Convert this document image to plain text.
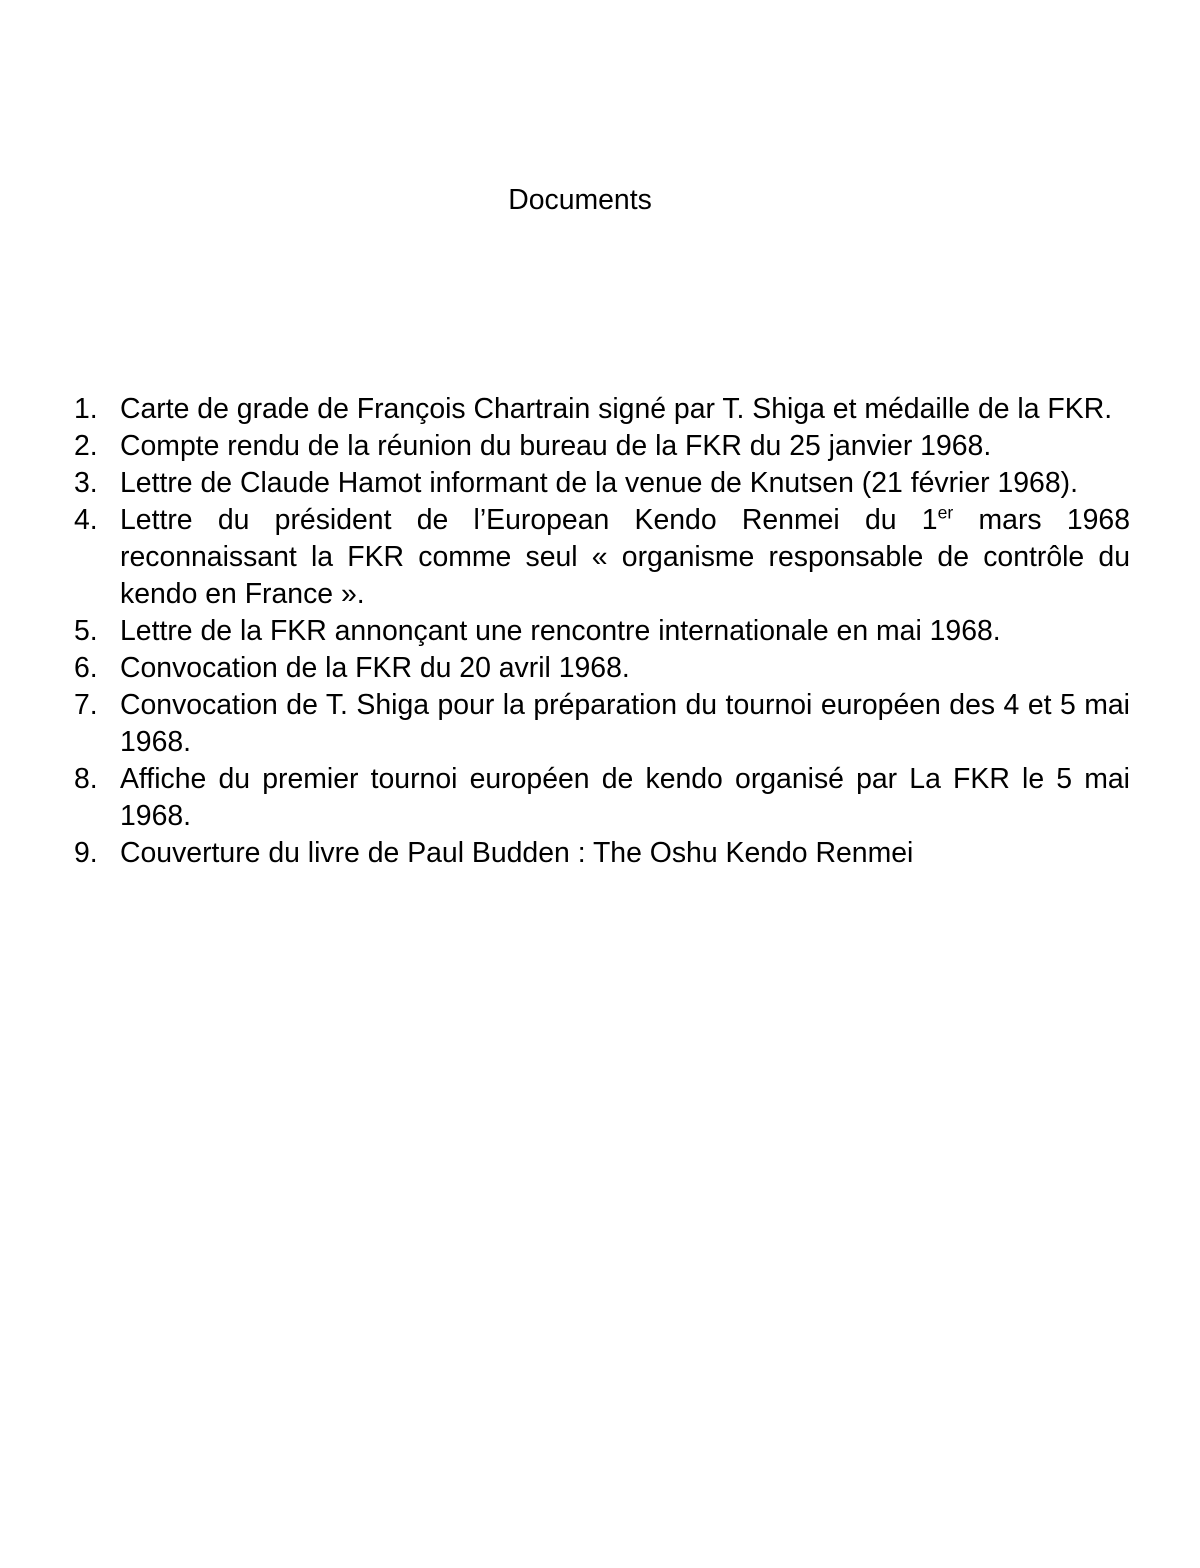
Documents
1. Carte de grade de François Chartrain signé par T. Shiga et médaille de la FKR.
2. Compte rendu de la réunion du bureau de la FKR du 25 janvier 1968.
3. Lettre de Claude Hamot informant de la venue de Knutsen (21 février 1968).
4. Lettre du président de l’European Kendo Renmei du 1er mars 1968 reconnaissant la FKR comme seul « organisme responsable de contrôle du kendo en France ».
5. Lettre de la FKR annonçant une rencontre internationale en mai 1968.
6. Convocation de la FKR du 20 avril 1968.
7. Convocation de T. Shiga pour la préparation du tournoi européen des 4 et 5 mai 1968.
8. Affiche du premier tournoi européen de kendo organisé par La FKR le 5 mai 1968.
9. Couverture du livre de Paul Budden : The Oshu Kendo Renmei
